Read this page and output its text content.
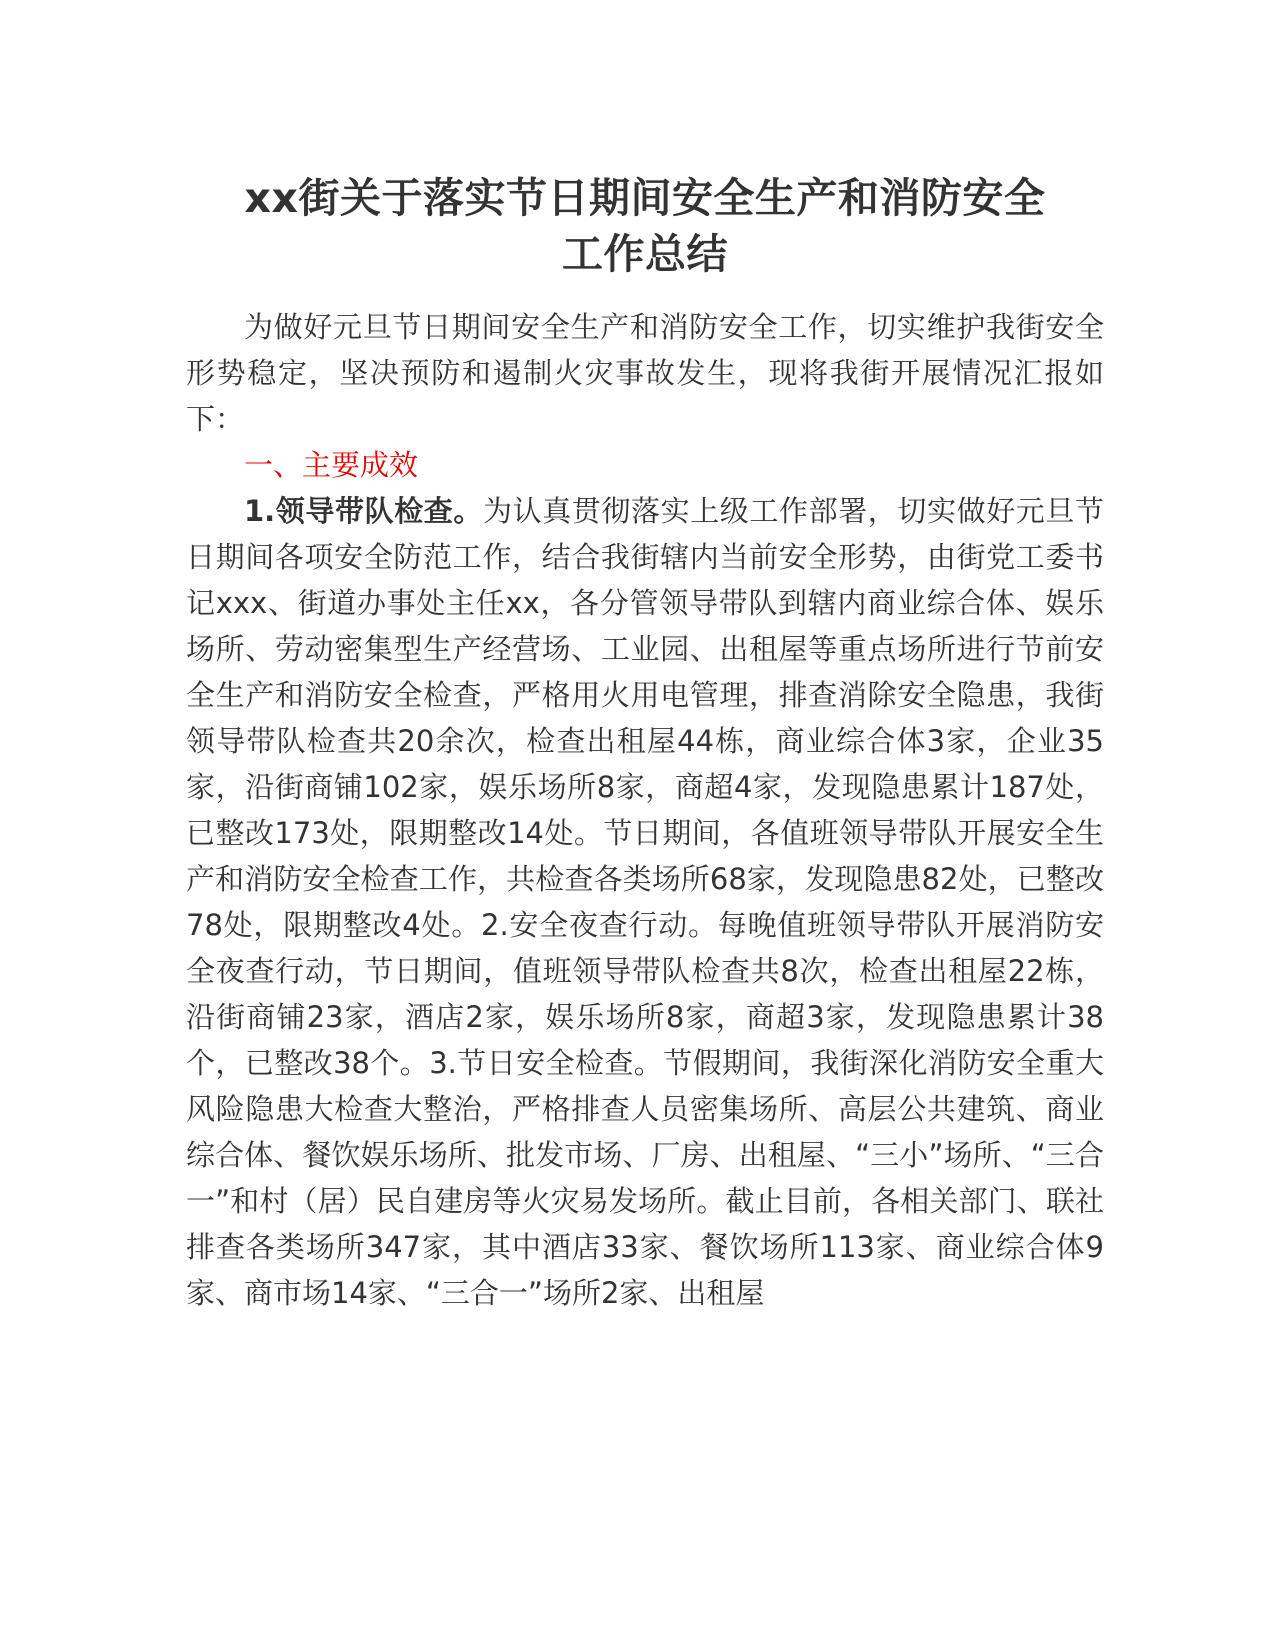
xx街关于落实节日期间安全生产和消防安全
工作总结

为做好元旦节日期间安全生产和消防安全工作，切实维护我街安全形势稳定，坚决预防和遏制火灾事故发生，现将我街开展情况汇报如下：

一、主要成效

1.领导带队检查。为认真贯彻落实上级工作部署，切实做好元旦节日期间各项安全防范工作，结合我街辖内当前安全形势，由街党工委书记xxx、街道办事处主任xx，各分管领导带队到辖内商业综合体、娱乐场所、劳动密集型生产经营场、工业园、出租屋等重点场所进行节前安全生产和消防安全检查，严格用火用电管理，排查消除安全隐患，我街领导带队检查共20余次，检查出租屋44栋，商业综合体3家，企业35家，沿街商铺102家，娱乐场所8家，商超4家，发现隐患累计187处，已整改173处，限期整改14处。节日期间，各值班领导带队开展安全生产和消防安全检查工作，共检查各类场所68家，发现隐患82处，已整改78处，限期整改4处。2.安全夜查行动。每晚值班领导带队开展消防安全夜查行动，节日期间，值班领导带队检查共8次，检查出租屋22栋，沿街商铺23家，酒店2家，娱乐场所8家，商超3家，发现隐患累计38个，已整改38个。3.节日安全检查。节假期间，我街深化消防安全重大风险隐患大检查大整治，严格排查人员密集场所、高层公共建筑、商业综合体、餐饮娱乐场所、批发市场、厂房、出租屋、“三小”场所、“三合一”和村（居）民自建房等火灾易发场所。截止目前，各相关部门、联社排查各类场所347家，其中酒店33家、餐饮场所113家、商业综合体9家、商市场14家、“三合一”场所2家、出租屋
